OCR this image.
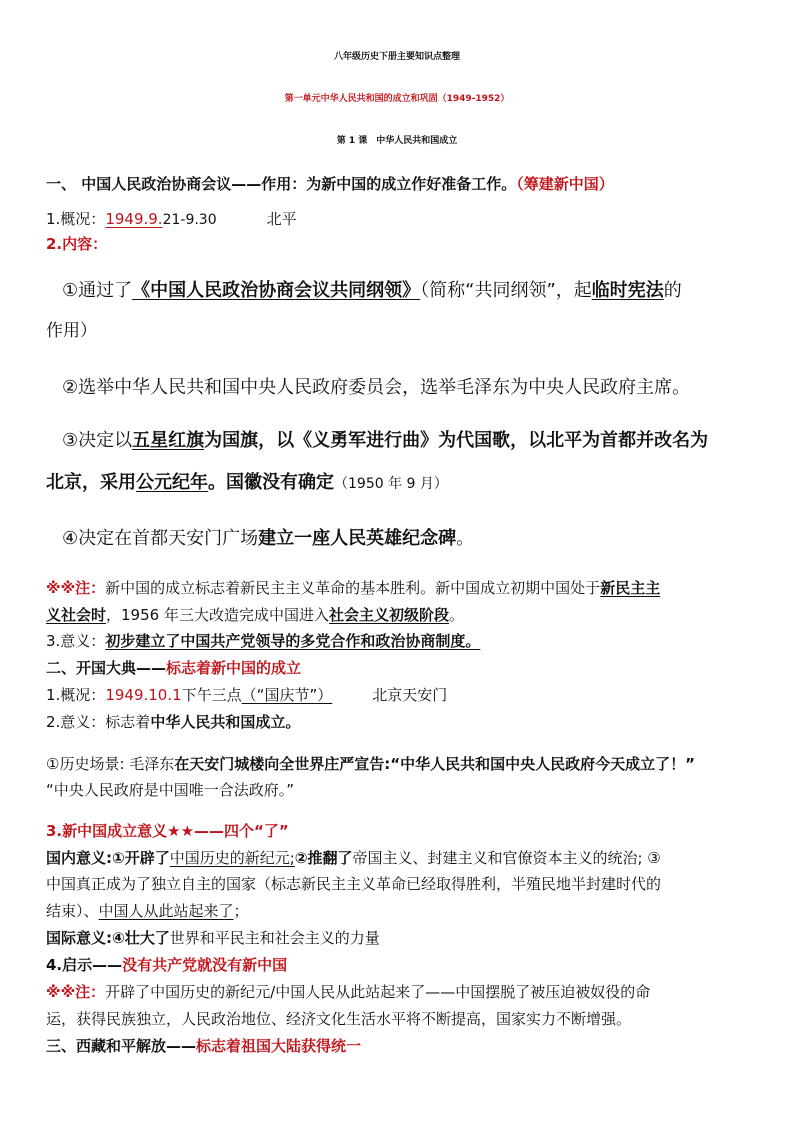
八年级历史下册主要知识点整理
第一单元中华人民共和国的成立和巩固（1949-1952）
第 1 课　中华人民共和国成立
一、 中国人民政治协商会议——作用：为新中国的成立作好准备工作。（筹建新中国）
1.概况：1949.9.21-9.30	北平
2.内容：
①通过了《中国人民政治协商会议共同纲领》（简称“共同纲领”，起临时宪法的
作用）
②选举中华人民共和国中央人民政府委员会，选举毛泽东为中央人民政府主席。
③决定以五星红旗为国旗，以《义勇军进行曲》为代国歌，以北平为首都并改名为
北京，采用公元纪年。国徽没有确定（1950 年 9 月）
④决定在首都天安门广场建立一座人民英雄纪念碑。
※※注：新中国的成立标志着新民主主义革命的基本胜利。新中国成立初期中国处于新民主主
义社会时，1956 年三大改造完成中国进入社会主义初级阶段。
3.意义：初步建立了中国共产党领导的多党合作和政治协商制度。
二、开国大典——标志着新中国的成立
1.概况：1949.10.1下午三点（“国庆节”）	北京天安门
2.意义：标志着中华人民共和国成立。
①历史场景: 毛泽东在天安门城楼向全世界庄严宣告:“中华人民共和国中央人民政府今天成立了！”
“中央人民政府是中国唯一合法政府。”
3.新中国成立意义★★——四个“了”
国内意义:①开辟了中国历史的新纪元;②推翻了帝国主义、封建主义和官僚资本主义的统治; ③
中国真正成为了独立自主的国家（标志新民主主义革命已经取得胜利，半殖民地半封建时代的
结束）、中国人从此站起来了；
国际意义:④壮大了世界和平民主和社会主义的力量
4.启示——没有共产党就没有新中国
※※注：开辟了中国历史的新纪元/中国人民从此站起来了——中国摆脱了被压迫被奴役的命
运，获得民族独立，人民政治地位、经济文化生活水平将不断提高，国家实力不断增强。
三、西藏和平解放——标志着祖国大陆获得统一
